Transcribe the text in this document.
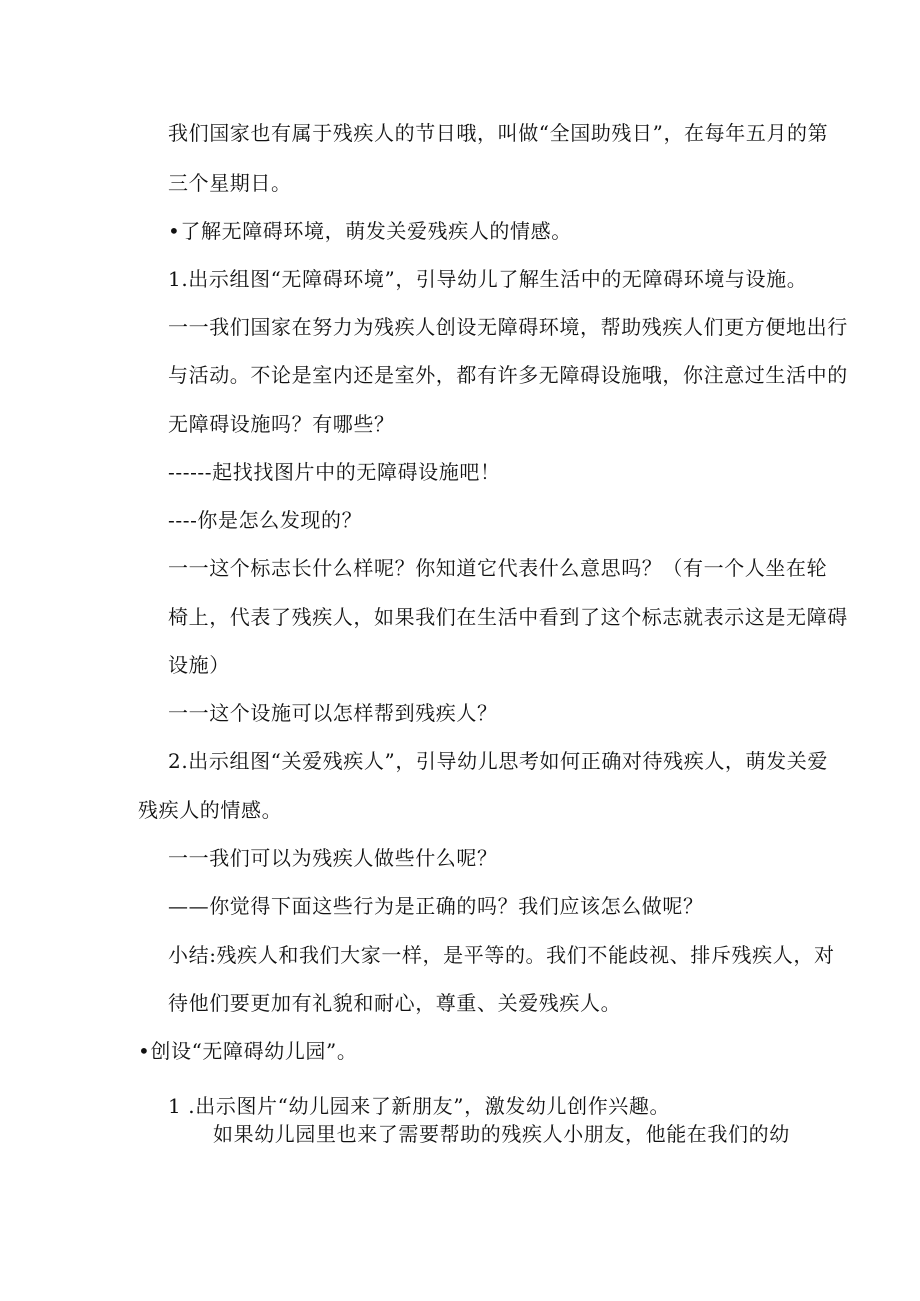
我们国家也有属于残疾人的节日哦，叫做“全国助残日”，在每年五月的第
三个星期日。
•了解无障碍环境，萌发关爱残疾人的情感。
1.出示组图“无障碍环境”，引导幼儿了解生活中的无障碍环境与设施。
一一我们国家在努力为残疾人创设无障碍环境，帮助残疾人们更方便地出行
与活动。不论是室内还是室外，都有许多无障碍设施哦，你注意过生活中的
无障碍设施吗？有哪些？
------起找找图片中的无障碍设施吧！
----你是怎么发现的？
一一这个标志长什么样呢？你知道它代表什么意思吗？（有一个人坐在轮
椅上，代表了残疾人，如果我们在生活中看到了这个标志就表示这是无障碍
设施）
一一这个设施可以怎样帮到残疾人？
2.出示组图“关爱残疾人”，引导幼儿思考如何正确对待残疾人，萌发关爱
残疾人的情感。
一一我们可以为残疾人做些什么呢？
——你觉得下面这些行为是正确的吗？我们应该怎么做呢？
小结:残疾人和我们大家一样，是平等的。我们不能歧视、排斥残疾人，对
待他们要更加有礼貌和耐心，尊重、关爱残疾人。
•创设“无障碍幼儿园”。
1 .出示图片“幼儿园来了新朋友”，激发幼儿创作兴趣。
如果幼儿园里也来了需要帮助的残疾人小朋友，他能在我们的幼
